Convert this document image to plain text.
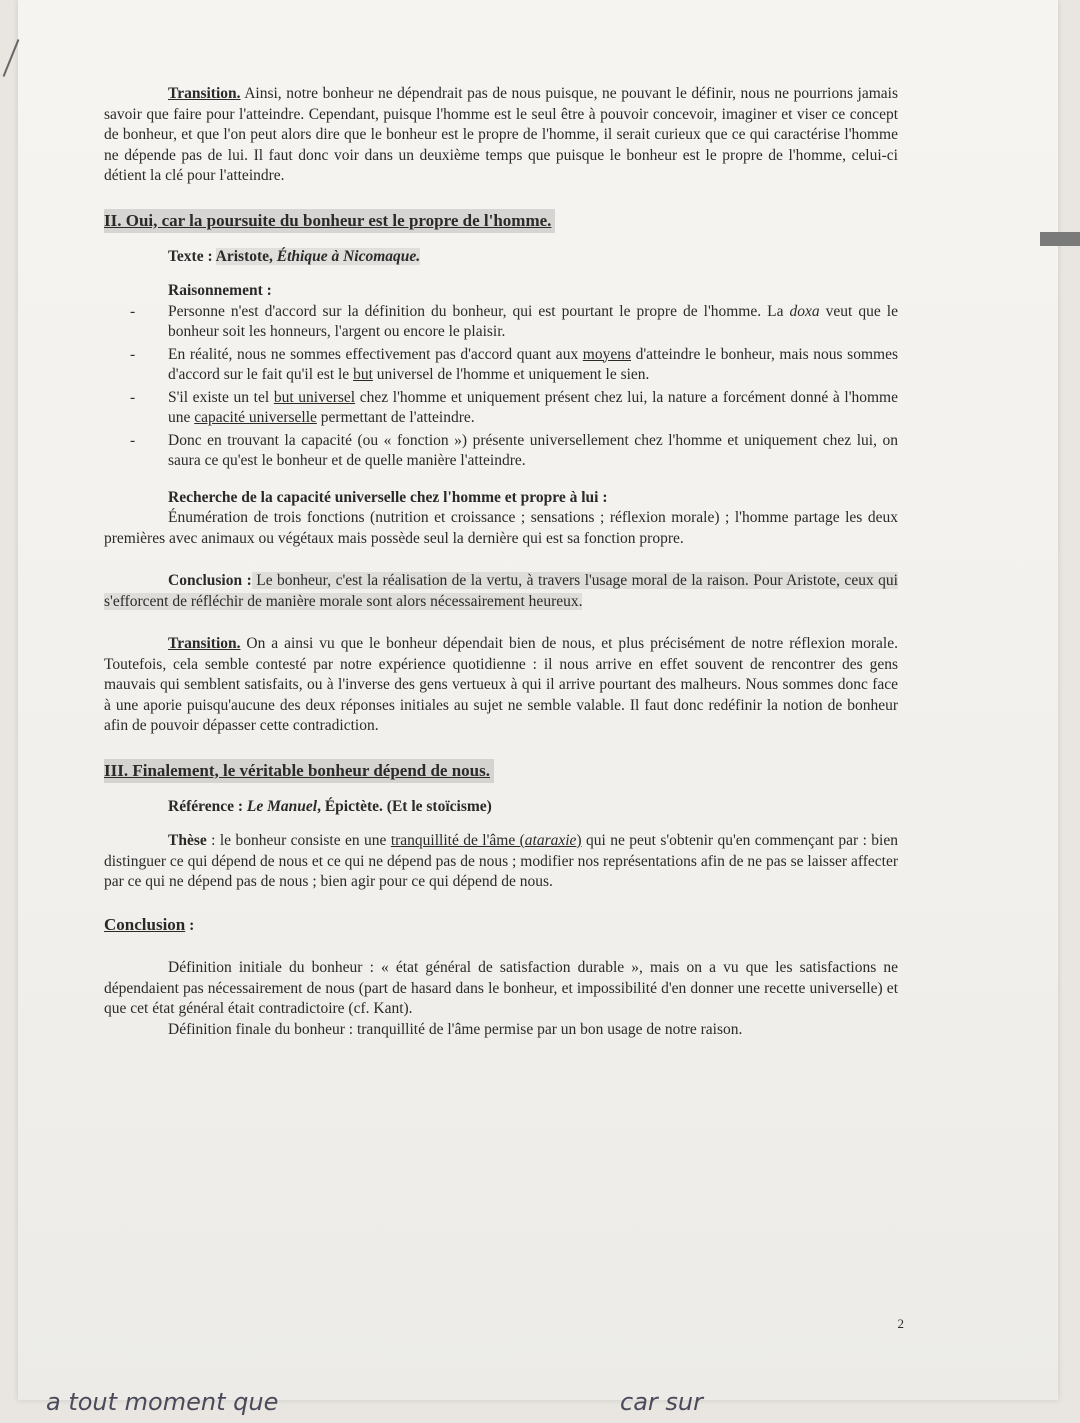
Transition. Ainsi, notre bonheur ne dépendrait pas de nous puisque, ne pouvant le définir, nous ne pourrions jamais savoir que faire pour l'atteindre. Cependant, puisque l'homme est le seul être à pouvoir concevoir, imaginer et viser ce concept de bonheur, et que l'on peut alors dire que le bonheur est le propre de l'homme, il serait curieux que ce qui caractérise l'homme ne dépende pas de lui. Il faut donc voir dans un deuxième temps que puisque le bonheur est le propre de l'homme, celui-ci détient la clé pour l'atteindre.

II. Oui, car la poursuite du bonheur est le propre de l'homme.

Texte : Aristote, Éthique à Nicomaque.

Raisonnement :

- Personne n'est d'accord sur la définition du bonheur, qui est pourtant le propre de l'homme. La doxa veut que le bonheur soit les honneurs, l'argent ou encore le plaisir.
- En réalité, nous ne sommes effectivement pas d'accord quant aux moyens d'atteindre le bonheur, mais nous sommes d'accord sur le fait qu'il est le but universel de l'homme et uniquement le sien.
- S'il existe un tel but universel chez l'homme et uniquement présent chez lui, la nature a forcément donné à l'homme une capacité universelle permettant de l'atteindre.
- Donc en trouvant la capacité (ou « fonction ») présente universellement chez l'homme et uniquement chez lui, on saura ce qu'est le bonheur et de quelle manière l'atteindre.

Recherche de la capacité universelle chez l'homme et propre à lui :

Énumération de trois fonctions (nutrition et croissance ; sensations ; réflexion morale) ; l'homme partage les deux premières avec animaux ou végétaux mais possède seul la dernière qui est sa fonction propre.

Conclusion : Le bonheur, c'est la réalisation de la vertu, à travers l'usage moral de la raison. Pour Aristote, ceux qui s'efforcent de réfléchir de manière morale sont alors nécessairement heureux.

Transition. On a ainsi vu que le bonheur dépendait bien de nous, et plus précisément de notre réflexion morale. Toutefois, cela semble contesté par notre expérience quotidienne : il nous arrive en effet souvent de rencontrer des gens mauvais qui semblent satisfaits, ou à l'inverse des gens vertueux à qui il arrive pourtant des malheurs. Nous sommes donc face à une aporie puisqu'aucune des deux réponses initiales au sujet ne semble valable. Il faut donc redéfinir la notion de bonheur afin de pouvoir dépasser cette contradiction.

III. Finalement, le véritable bonheur dépend de nous.

Référence : Le Manuel, Épictète. (Et le stoïcisme)

Thèse : le bonheur consiste en une tranquillité de l'âme (ataraxie) qui ne peut s'obtenir qu'en commençant par : bien distinguer ce qui dépend de nous et ce qui ne dépend pas de nous ; modifier nos représentations afin de ne pas se laisser affecter par ce qui ne dépend pas de nous ; bien agir pour ce qui dépend de nous.

Conclusion :

Définition initiale du bonheur : « état général de satisfaction durable », mais on a vu que les satisfactions ne dépendaient pas nécessairement de nous (part de hasard dans le bonheur, et impossibilité d'en donner une recette universelle) et que cet état général était contradictoire (cf. Kant).

Définition finale du bonheur : tranquillité de l'âme permise par un bon usage de notre raison.

2
a tout moment que	car sur
